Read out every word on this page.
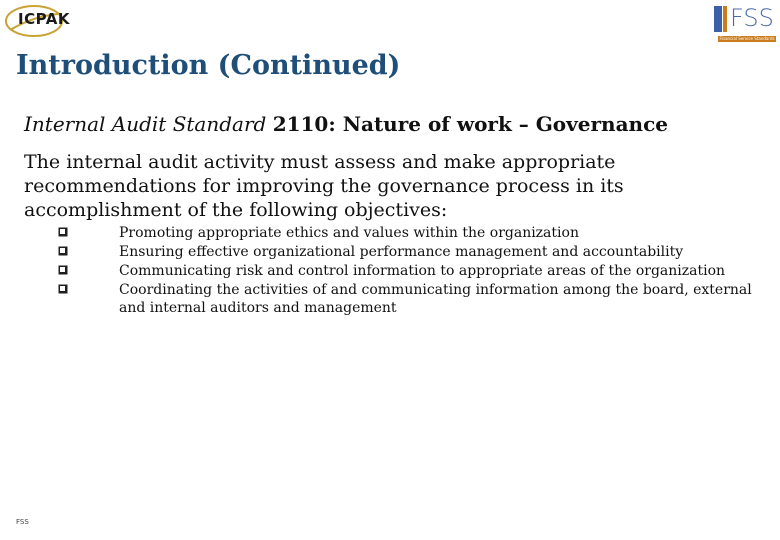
ICPAK	FSS
Financial Service Standards
Introduction (Continued)
Internal Audit Standard 2110: Nature of work – Governance
The internal audit activity must assess and make appropriate recommendations for improving the governance process in its accomplishment of the following objectives:
Promoting appropriate ethics and values within the organization
Ensuring effective organizational performance management and accountability
Communicating risk and control information to appropriate areas of the organization
Coordinating the activities of and communicating information among the board, external and internal auditors and management
FSS
